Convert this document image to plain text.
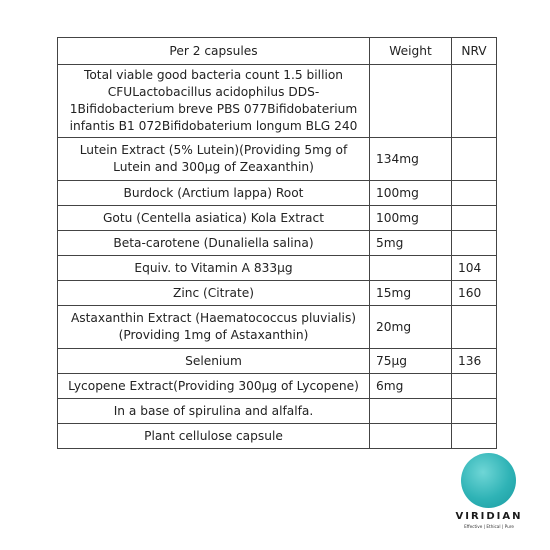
Per 2 capsules	Weight	NRV
Total viable good bacteria count 1.5 billion CFULactobacillus acidophilus DDS-1Bifidobacterium breve PBS 077Bifidobaterium infantis B1 072Bifidobaterium longum BLG 240		
Lutein Extract (5% Lutein)(Providing 5mg of Lutein and 300µg of Zeaxanthin)	134mg	
Burdock (Arctium lappa) Root	100mg	
Gotu (Centella asiatica) Kola Extract	100mg	
Beta-carotene (Dunaliella salina)	5mg	
Equiv. to Vitamin A 833µg		104
Zinc (Citrate)	15mg	160
Astaxanthin Extract (Haematococcus pluvialis) (Providing 1mg of Astaxanthin)	20mg	
Selenium	75µg	136
Lycopene Extract(Providing 300µg of Lycopene)	6mg	
In a base of spirulina and alfalfa.		
Plant cellulose capsule		
VIRIDIAN
Effective | Ethical | Pure
